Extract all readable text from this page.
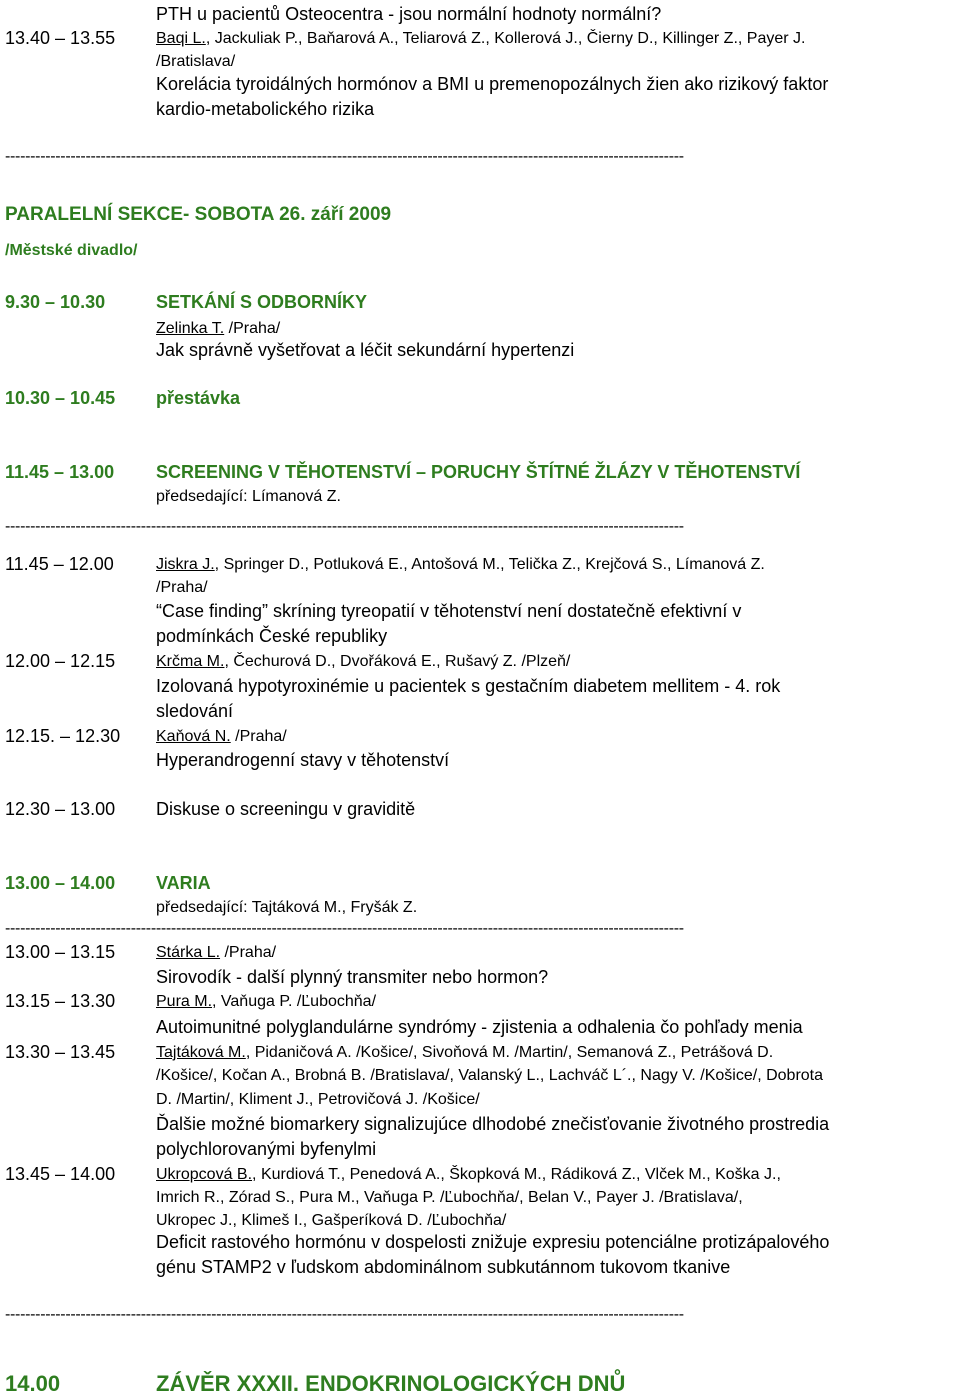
PTH u pacientů Osteocentra - jsou normální hodnoty normální?
13.40 – 13.55	Baqi L., Jackuliak P., Baňarová A., Teliarová Z., Kollerová J., Čierny D., Killinger Z., Payer J.
/Bratislava/
Korelácia tyroidálných hormónov a BMI u premenopozálnych žien ako rizikový faktor
kardio-metabolického rizika
---------------------------------------------------------------------------------------------------------------------------------------
PARALELNÍ SEKCE- SOBOTA 26. září 2009
/Městské divadlo/
9.30 – 10.30	SETKÁNÍ S ODBORNÍKY
Zelinka T. /Praha/
Jak správně vyšetřovat a léčit sekundární hypertenzi
10.30 – 10.45 přestávka
11.45 – 13.00 SCREENING V TĚHOTENSTVÍ – PORUCHY ŠTÍTNÉ ŽLÁZY V TĚHOTENSTVÍ
předsedající: Límanová Z.
---------------------------------------------------------------------------------------------------------------------------------------
11.45 – 12.00	Jiskra J., Springer D., Potluková E., Antošová M., Telička Z., Krejčová S., Límanová Z.
/Praha/
“Case finding” skríning tyreopatií v těhotenství není dostatečně efektivní v
podmínkách České republiky
12.00 – 12.15	Krčma M., Čechurová D., Dvořáková E., Rušavý Z. /Plzeň/
Izolovaná hypotyroxinémie u pacientek s gestačním diabetem mellitem - 4. rok
sledování
12.15. – 12.30 Kaňová N. /Praha/
Hyperandrogenní stavy v těhotenství
12.30 – 13.00 Diskuse o screeningu v graviditě
13.00 – 14.00 VARIA
předsedající: Tajtáková M., Fryšák Z.
---------------------------------------------------------------------------------------------------------------------------------------
13.00 – 13.15	Stárka L. /Praha/
Sirovodík - další plynný transmiter nebo hormon?
13.15 – 13.30	Pura M., Vaňuga P. /Ľubochňa/
Autoimunitné polyglandulárne syndrómy - zjistenia a odhalenia čo pohľady menia
13.30 – 13.45	Tajtáková M., Pidaničová A. /Košice/, Sivoňová M. /Martin/, Semanová Z., Petrášová D.
/Košice/, Kočan A., Brobná B. /Bratislava/, Valanský L., Lachváč L´., Nagy V. /Košice/, Dobrota
D. /Martin/, Kliment J., Petrovičová J. /Košice/
Ďalšie možné biomarkery signalizujúce dlhodobé znečisťovanie životného prostredia
polychlorovanými byfenylmi
13.45 – 14.00	Ukropcová B., Kurdiová T., Penedová A., Škopková M., Rádiková Z., Vlček M., Koška J.,
Imrich R., Zórad S., Pura M., Vaňuga P. /Ľubochňa/, Belan V., Payer J. /Bratislava/,
Ukropec J., Klimeš I., Gašperíková D. /Ľubochňa/
Deficit rastového hormónu v dospelosti znižuje expresiu potenciálne protizápalového
génu STAMP2 v ľudskom abdominálnom subkutánnom tukovom tkanive
---------------------------------------------------------------------------------------------------------------------------------------
14.00	ZÁVĚR XXXII. ENDOKRINOLOGICKÝCH DNŮ
